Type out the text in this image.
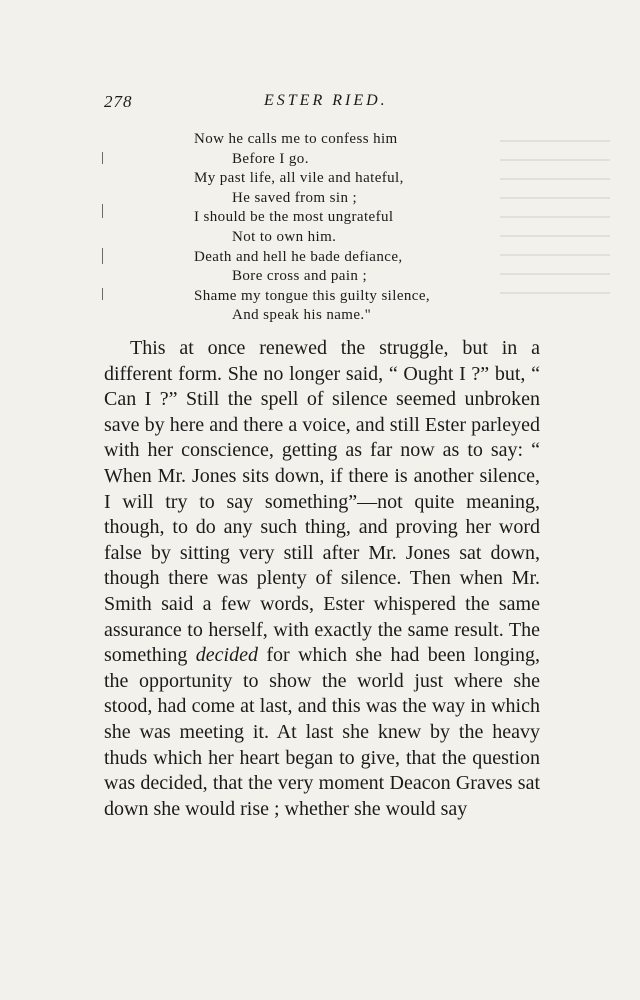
278	ESTER RIED.
Now he calls me to confess him
Before I go.
My past life, all vile and hateful,
He saved from sin ;
I should be the most ungrateful
Not to own him.
Death and hell he bade defiance,
Bore cross and pain ;
Shame my tongue this guilty silence,
And speak his name."

This at once renewed the struggle, but in a different form. She no longer said, “ Ought I ?” but, “ Can I ?” Still the spell of silence seemed unbroken save by here and there a voice, and still Ester parleyed with her conscience, getting as far now as to say: “ When Mr. Jones sits down, if there is another silence, I will try to say something”—not quite meaning, though, to do any such thing, and proving her word false by sitting very still after Mr. Jones sat down, though there was plenty of silence. Then when Mr. Smith said a few words, Ester whispered the same assurance to herself, with exactly the same result. The something decided for which she had been longing, the opportunity to show the world just where she stood, had come at last, and this was the way in which she was meeting it. At last she knew by the heavy thuds which her heart began to give, that the question was decided, that the very moment Deacon Graves sat down she would rise ; whether she would say
